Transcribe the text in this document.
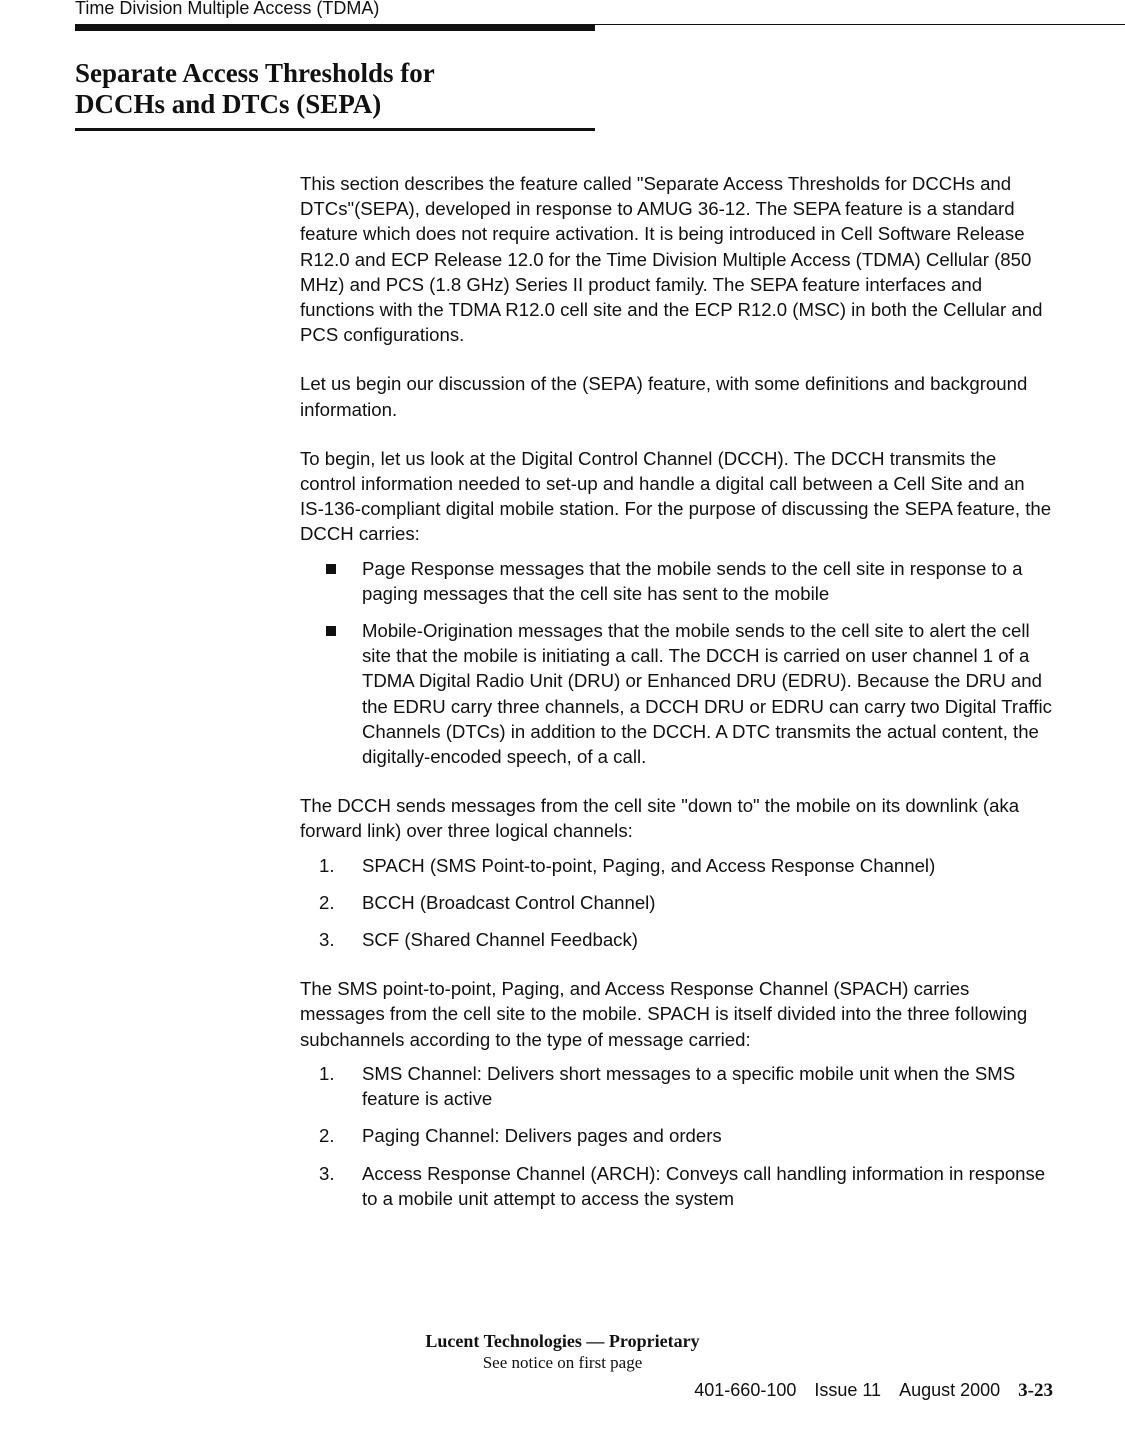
Time Division Multiple Access (TDMA)
Separate Access Thresholds for
DCCHs and DTCs (SEPA)

This section describes the feature called "Separate Access Thresholds for DCCHs and DTCs"(SEPA), developed in response to AMUG 36-12. The SEPA feature is a standard feature which does not require activation. It is being introduced in Cell Software Release R12.0 and ECP Release 12.0 for the Time Division Multiple Access (TDMA) Cellular (850 MHz) and PCS (1.8 GHz) Series II product family. The SEPA feature interfaces and functions with the TDMA R12.0 cell site and the ECP R12.0 (MSC) in both the Cellular and PCS configurations.

Let us begin our discussion of the (SEPA) feature, with some definitions and background information.

To begin, let us look at the Digital Control Channel (DCCH). The DCCH transmits the control information needed to set-up and handle a digital call between a Cell Site and an IS-136-compliant digital mobile station. For the purpose of discussing the SEPA feature, the DCCH carries:

Page Response messages that the mobile sends to the cell site in response to a paging messages that the cell site has sent to the mobile
Mobile-Origination messages that the mobile sends to the cell site to alert the cell site that the mobile is initiating a call. The DCCH is carried on user channel 1 of a TDMA Digital Radio Unit (DRU) or Enhanced DRU (EDRU). Because the DRU and the EDRU carry three channels, a DCCH DRU or EDRU can carry two Digital Traffic Channels (DTCs) in addition to the DCCH. A DTC transmits the actual content, the digitally-encoded speech, of a call.

The DCCH sends messages from the cell site "down to" the mobile on its downlink (aka forward link) over three logical channels:

1. SPACH (SMS Point-to-point, Paging, and Access Response Channel)
2. BCCH (Broadcast Control Channel)
3. SCF (Shared Channel Feedback)

The SMS point-to-point, Paging, and Access Response Channel (SPACH) carries messages from the cell site to the mobile. SPACH is itself divided into the three following subchannels according to the type of message carried:

1. SMS Channel: Delivers short messages to a specific mobile unit when the SMS feature is active
2. Paging Channel: Delivers pages and orders
3. Access Response Channel (ARCH): Conveys call handling information in response to a mobile unit attempt to access the system
Lucent Technologies — Proprietary
See notice on first page
401-660-100 Issue 11 August 2000 3-23
